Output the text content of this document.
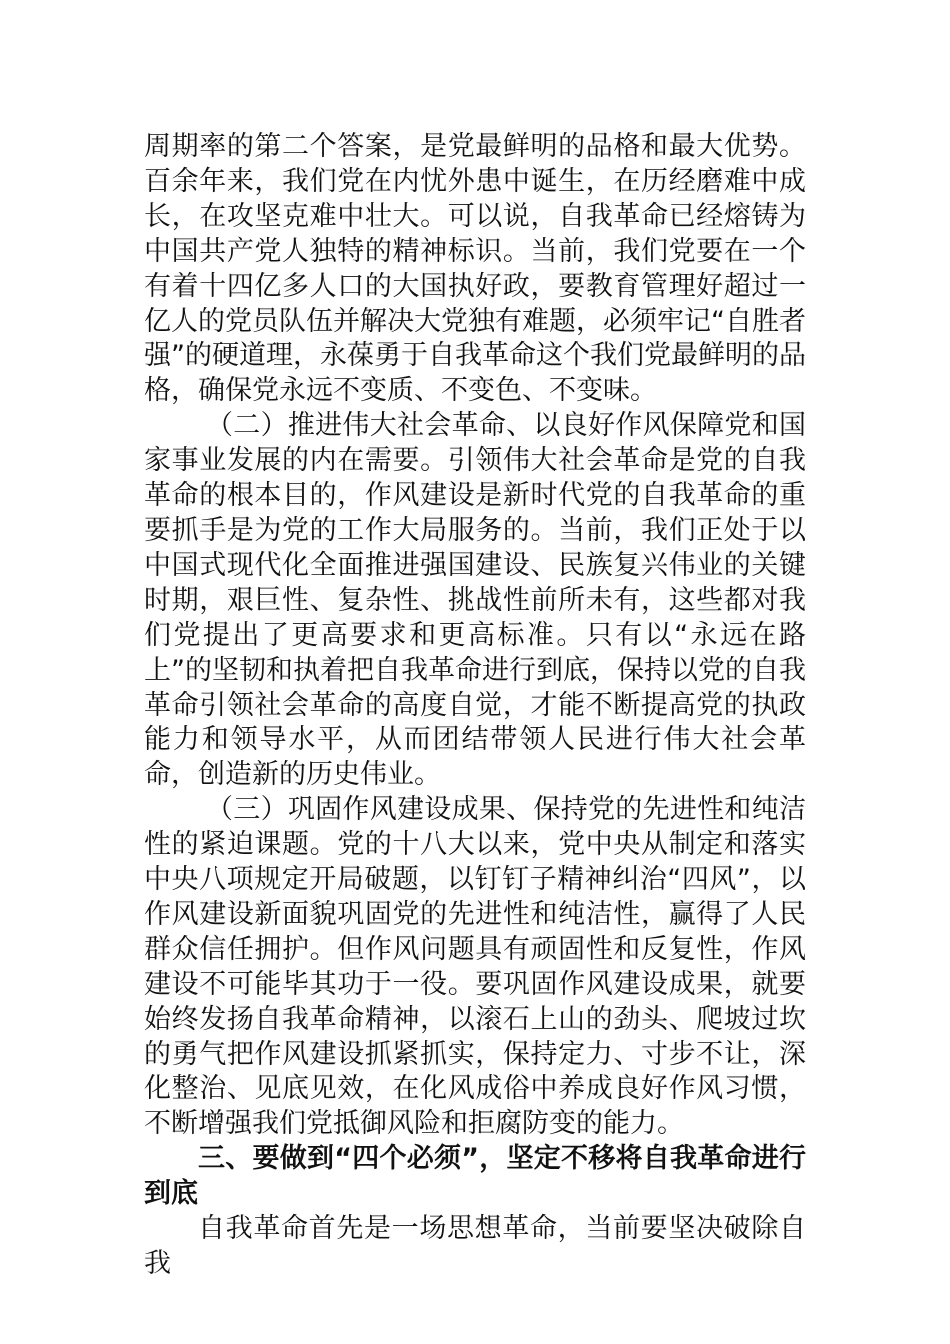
周期率的第二个答案，是党最鲜明的品格和最大优势。百余年来，我们党在内忧外患中诞生，在历经磨难中成长，在攻坚克难中壮大。可以说，自我革命已经熔铸为中国共产党人独特的精神标识。当前，我们党要在一个有着十四亿多人口的大国执好政，要教育管理好超过一亿人的党员队伍并解决大党独有难题，必须牢记“自胜者强”的硬道理，永葆勇于自我革命这个我们党最鲜明的品格，确保党永远不变质、不变色、不变味。

（二）推进伟大社会革命、以良好作风保障党和国家事业发展的内在需要。引领伟大社会革命是党的自我革命的根本目的，作风建设是新时代党的自我革命的重要抓手是为党的工作大局服务的。当前，我们正处于以中国式现代化全面推进强国建设、民族复兴伟业的关键时期，艰巨性、复杂性、挑战性前所未有，这些都对我们党提出了更高要求和更高标准。只有以“永远在路上”的坚韧和执着把自我革命进行到底，保持以党的自我革命引领社会革命的高度自觉，才能不断提高党的执政能力和领导水平，从而团结带领人民进行伟大社会革命，创造新的历史伟业。

（三）巩固作风建设成果、保持党的先进性和纯洁性的紧迫课题。党的十八大以来，党中央从制定和落实中央八项规定开局破题，以钉钉子精神纠治“四风”，以作风建设新面貌巩固党的先进性和纯洁性，赢得了人民群众信任拥护。但作风问题具有顽固性和反复性，作风建设不可能毕其功于一役。要巩固作风建设成果，就要始终发扬自我革命精神，以滚石上山的劲头、爬坡过坎的勇气把作风建设抓紧抓实，保持定力、寸步不让，深化整治、见底见效，在化风成俗中养成良好作风习惯，不断增强我们党抵御风险和拒腐防变的能力。

三、要做到“四个必须”，坚定不移将自我革命进行到底

自我革命首先是一场思想革命，当前要坚决破除自我
